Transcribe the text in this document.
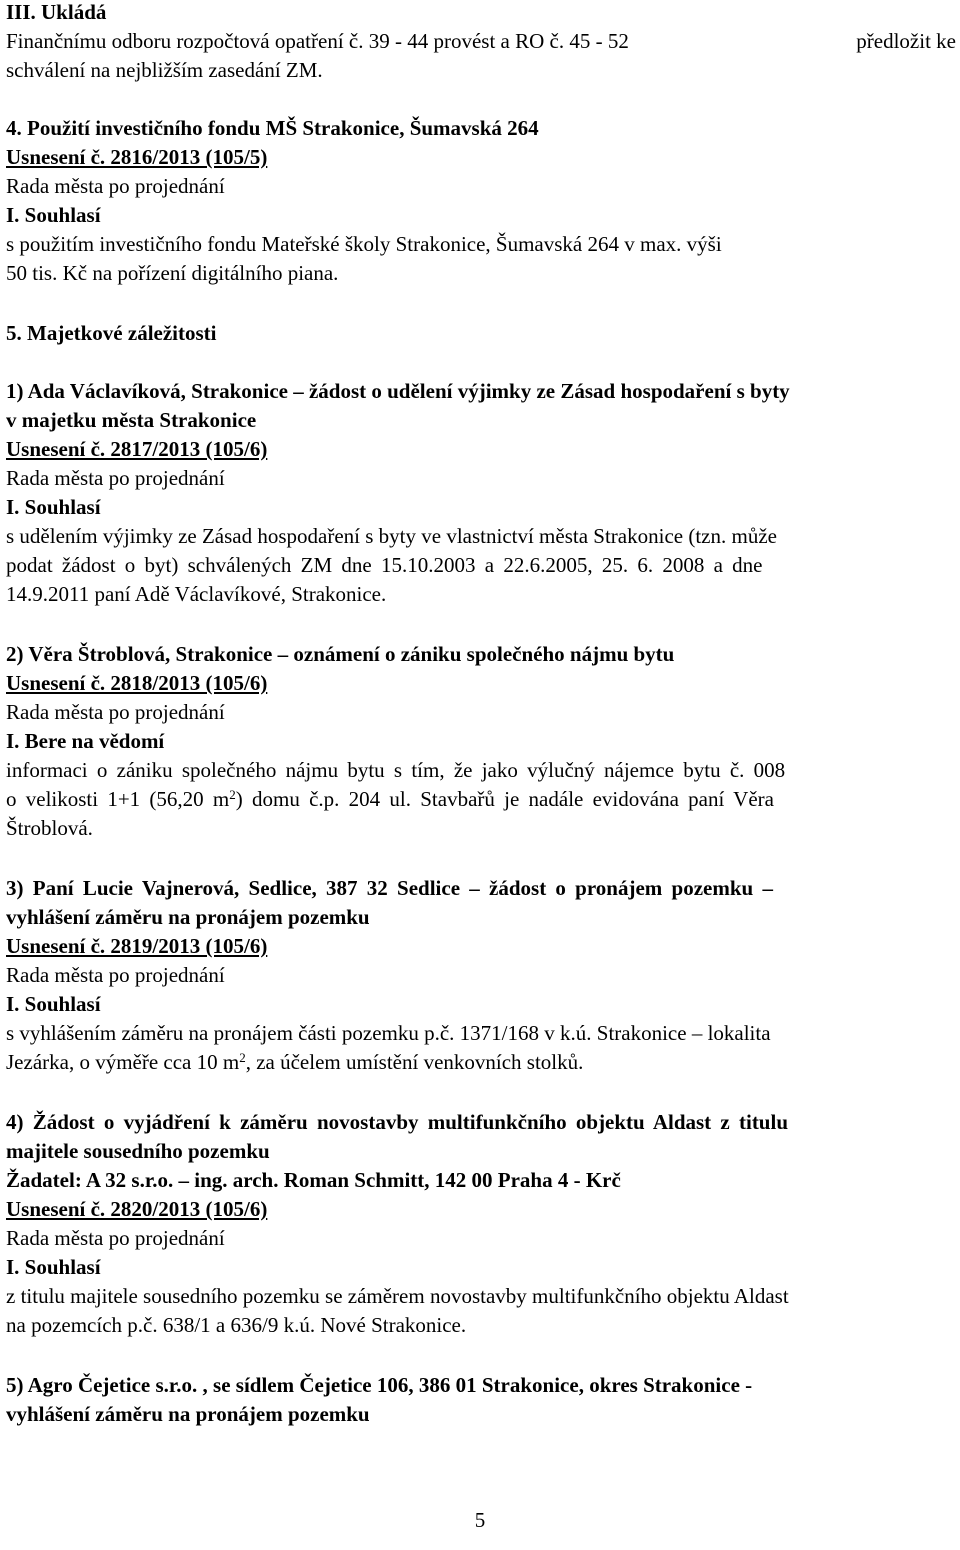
III. Ukládá
Finančnímu odboru rozpočtová opatření č. 39 - 44 provést a RO č. 45 - 52	předložit ke
schválení na nejbližším zasedání ZM.
4. Použití investičního fondu MŠ Strakonice, Šumavská 264
Usnesení č. 2816/2013 (105/5)
Rada města po projednání
I. Souhlasí
s použitím investičního fondu Mateřské školy Strakonice, Šumavská 264 v max. výši
50 tis. Kč na pořízení digitálního piana.
5. Majetkové záležitosti
1) Ada Václavíková, Strakonice – žádost o udělení výjimky ze Zásad hospodaření s byty
v majetku města Strakonice
Usnesení č. 2817/2013 (105/6)
Rada města po projednání
I. Souhlasí
s udělením výjimky ze Zásad hospodaření s byty ve vlastnictví města Strakonice (tzn. může
podat žádost o byt) schválených ZM dne 15.10.2003 a 22.6.2005, 25. 6. 2008 a dne
14.9.2011 paní Adě Václavíkové, Strakonice.
2) Věra Štroblová, Strakonice – oznámení o zániku společného nájmu bytu
Usnesení č. 2818/2013 (105/6)
Rada města po projednání
I. Bere na vědomí
informaci o zániku společného nájmu bytu s tím, že jako výlučný nájemce bytu č. 008
o velikosti 1+1 (56,20 $m^2$) domu č.p. 204 ul. Stavbařů je nadále evidována paní Věra
Štroblová.
3) Paní Lucie Vajnerová, Sedlice, 387 32 Sedlice – žádost o pronájem pozemku –
vyhlášení záměru na pronájem pozemku
Usnesení č. 2819/2013 (105/6)
Rada města po projednání
I. Souhlasí
s vyhlášením záměru na pronájem části pozemku p.č. 1371/168 v k.ú. Strakonice – lokalita
Jezárka, o výměře cca 10 $m^2$, za účelem umístění venkovních stolků.
4) Žádost o vyjádření k záměru novostavby multifunkčního objektu Aldast z titulu
majitele sousedního pozemku
Žadatel: A 32 s.r.o. – ing. arch. Roman Schmitt, 142 00 Praha 4 - Krč
Usnesení č. 2820/2013 (105/6)
Rada města po projednání
I. Souhlasí
z titulu majitele sousedního pozemku se záměrem novostavby multifunkčního objektu Aldast
na pozemcích p.č. 638/1 a 636/9 k.ú. Nové Strakonice.
5) Agro Čejetice s.r.o. , se sídlem Čejetice 106, 386 01 Strakonice, okres Strakonice -
vyhlášení záměru na pronájem pozemku
5
